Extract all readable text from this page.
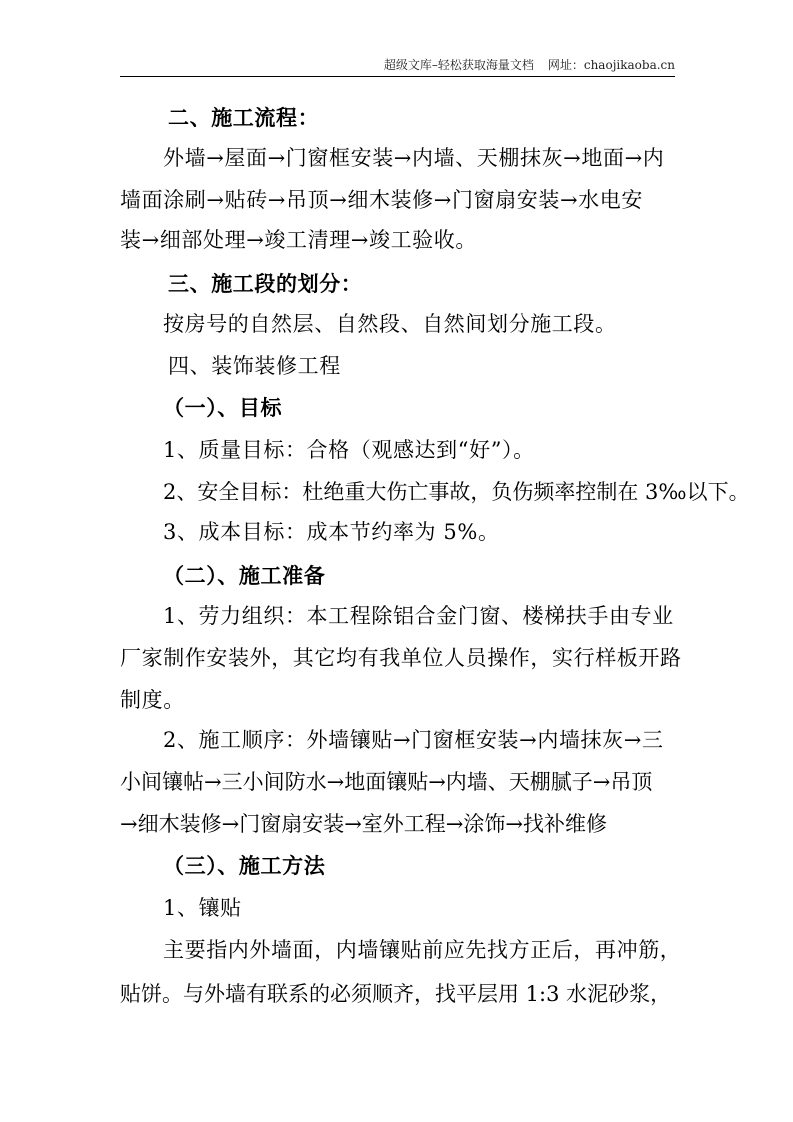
超级文库–轻松获取海量文档 网址：chaojikaoba.cn
二、施工流程：
外墙→屋面→门窗框安装→内墙、天棚抹灰→地面→内
墙面涂刷→贴砖→吊顶→细木装修→门窗扇安装→水电安
装→细部处理→竣工清理→竣工验收。
三、施工段的划分：
按房号的自然层、自然段、自然间划分施工段。
四、装饰装修工程
（一）、目标
1、质量目标：合格（观感达到“好”）。
2、安全目标：杜绝重大伤亡事故，负伤频率控制在 3‰以下。
3、成本目标：成本节约率为 5%。
（二）、施工准备
1、劳力组织：本工程除铝合金门窗、楼梯扶手由专业
厂家制作安装外，其它均有我单位人员操作，实行样板开路
制度。
2、施工顺序：外墙镶贴→门窗框安装→内墙抹灰→三
小间镶帖→三小间防水→地面镶贴→内墙、天棚腻子→吊顶
→细木装修→门窗扇安装→室外工程→涂饰→找补维修
（三）、施工方法
1、镶贴
主要指内外墙面，内墙镶贴前应先找方正后，再冲筋，
贴饼。与外墙有联系的必须顺齐，找平层用 1:3 水泥砂浆，
